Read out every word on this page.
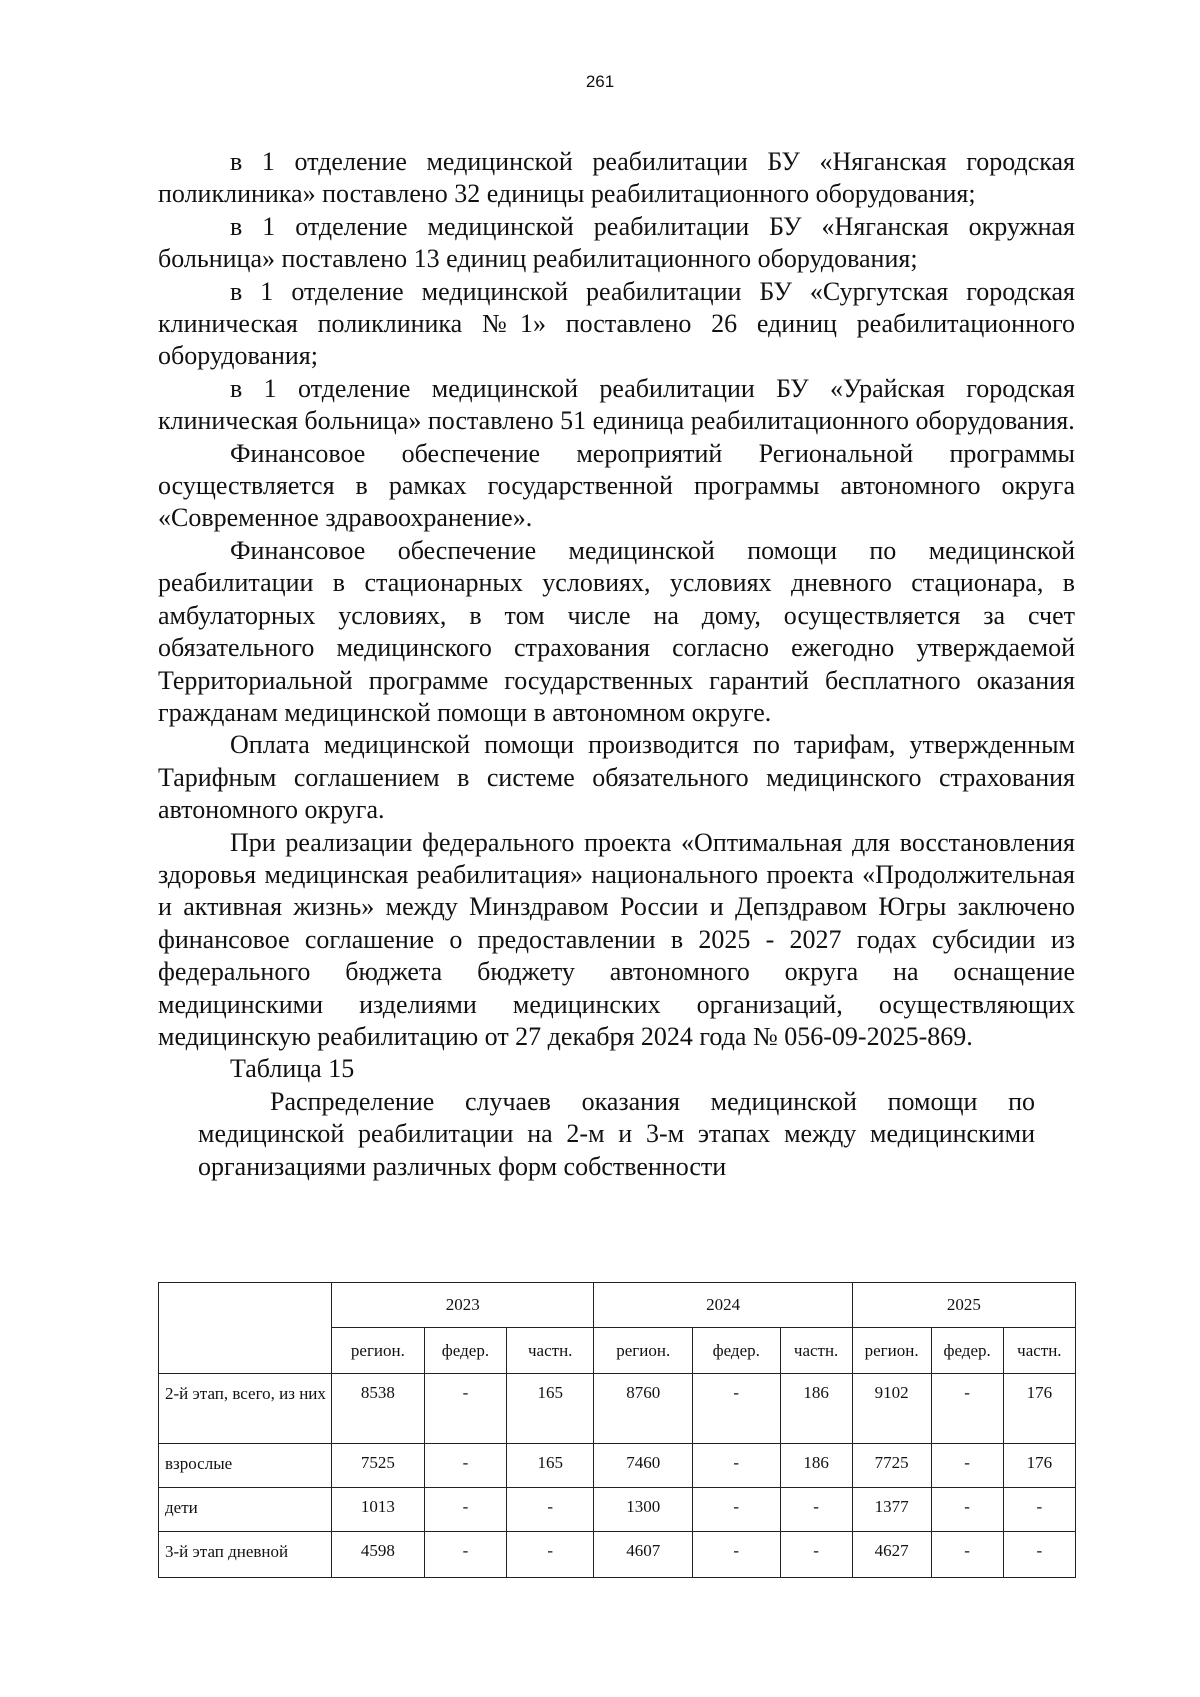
261

в 1 отделение медицинской реабилитации БУ «Няганская городская поликлиника» поставлено 32 единицы реабилитационного оборудования;

в 1 отделение медицинской реабилитации БУ «Няганская окружная больница» поставлено 13 единиц реабилитационного оборудования;

в 1 отделение медицинской реабилитации БУ «Сургутская городская клиническая поликлиника №1» поставлено 26 единиц реабилитационного оборудования;

в 1 отделение медицинской реабилитации БУ «Урайская городская клиническая больница» поставлено 51 единица реабилитационного оборудования.

Финансовое обеспечение мероприятий Региональной программы осуществляется в рамках государственной программы автономного округа «Современное здравоохранение».

Финансовое обеспечение медицинской помощи по медицинской реабилитации в стационарных условиях, условиях дневного стационара, в амбулаторных условиях, в том числе на дому, осуществляется за счет обязательного медицинского страхования согласно ежегодно утверждаемой Территориальной программе государственных гарантий бесплатного оказания гражданам медицинской помощи в автономном округе.

Оплата медицинской помощи производится по тарифам, утвержденным Тарифным соглашением в системе обязательного медицинского страхования автономного округа.

При реализации федерального проекта «Оптимальная для восстановления здоровья медицинская реабилитация» национального проекта «Продолжительная и активная жизнь» между Минздравом России и Депздравом Югры заключено финансовое соглашение о предоставлении в 2025 - 2027 годах субсидии из федерального бюджета бюджету автономного округа на оснащение медицинскими изделиями медицинских организаций, осуществляющих медицинскую реабилитацию от 27 декабря 2024 года № 056-09-2025-869.

Таблица 15

Распределение случаев оказания медицинской помощи по медицинской реабилитации на 2-м и 3-м этапах между медицинскими организациями различных форм собственности

	2023			2024			2025		
	регион.	федер.	частн.	регион.	федер.	частн.	регион.	федер.	частн.
2-й этап, всего, из них	8538	-	165	8760	-	186	9102	-	176
взрослые	7525	-	165	7460	-	186	7725	-	176
дети	1013	-	-	1300	-	-	1377	-	-
3-й этап дневной	4598	-	-	4607	-	-	4627	-	-
